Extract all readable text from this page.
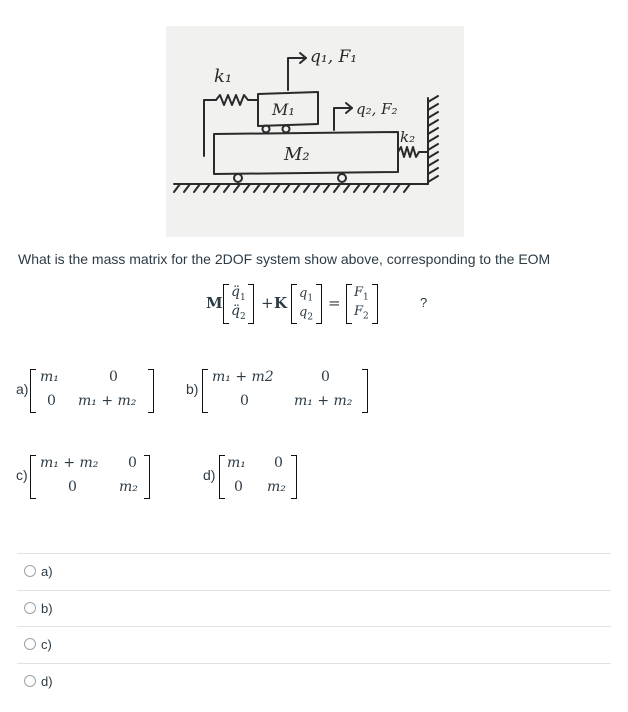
k₁
M₁
M₂
q₁, F₁
q₂, F₂
k₂
What is the mass matrix for the 2DOF system show above, corresponding to the EOM
M
$q̈_1$
$q̈_2$
+ K
$q_1$
$q_2$
=
$F_1$
$F_2$
?
a)
m₁	0
0 m₁ + m₂
b)
m₁ + m2	0
0	m₁ + m₂
c)
m₁ + m₂ 0
0	m₂
d)
m₁ 0
0 m₂
a)
b)
c)
d)
